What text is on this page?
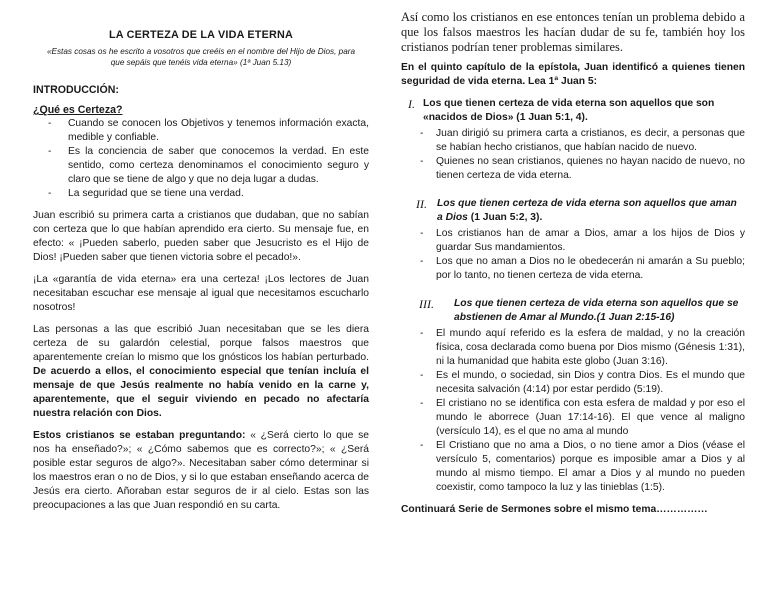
LA CERTEZA DE LA VIDA ETERNA
«Estas cosas os he escrito a vosotros que creéis en el nombre del Hijo de Dios, para
que sepáis que tenéis vida eterna» (1ª Juan 5.13)
INTRODUCCIÓN:
¿Qué es Certeza?
- Cuando se conocen los Objetivos y tenemos información exacta, medible y confiable.
- Es la conciencia de saber que conocemos la verdad. En este sentido, como certeza denominamos el conocimiento seguro y claro que se tiene de algo y que no deja lugar a dudas.
- La seguridad que se tiene una verdad.

Juan escribió su primera carta a cristianos que dudaban, que no sabían con certeza que lo que habían aprendido era cierto. Su mensaje fue, en efecto: « ¡Pueden saberlo, pueden saber que Jesucristo es el Hijo de Dios! ¡Pueden saber que tienen victoria sobre el pecado!».

¡La «garantía de vida eterna» era una certeza! ¡Los lectores de Juan necesitaban escuchar ese mensaje al igual que necesitamos escucharlo nosotros!

Las personas a las que escribió Juan necesitaban que se les diera certeza de su galardón celestial, porque falsos maestros que aparentemente creían lo mismo que los gnósticos los habían perturbado. De acuerdo a ellos, el conocimiento especial que tenían incluía el mensaje de que Jesús realmente no había venido en la carne y, aparentemente, que el seguir viviendo en pecado no afectaría nuestra relación con Dios.

Estos cristianos se estaban preguntando: « ¿Será cierto lo que se nos ha enseñado?»; « ¿Cómo sabemos que es correcto?»; « ¿Será posible estar seguros de algo?». Necesitaban saber cómo determinar si los maestros eran o no de Dios, y si lo que estaban enseñando acerca de Jesús era cierto. Añoraban estar seguros de ir al cielo. Estas son las preocupaciones a las que Juan respondió en su carta.

Así como los cristianos en ese entonces tenían un problema debido a que los falsos maestros les hacían dudar de su fe, también hoy los cristianos podrían tener problemas similares.

En el quinto capítulo de la epístola, Juan identificó a quienes tienen seguridad de vida eterna. Lea 1ª Juan 5:

I. Los que tienen certeza de vida eterna son aquellos que son «nacidos de Dios» (1 Juan 5:1, 4).
- Juan dirigió su primera carta a cristianos, es decir, a personas que se habían hecho cristianos, que habían nacido de nuevo.
- Quienes no sean cristianos, quienes no hayan nacido de nuevo, no tienen certeza de vida eterna.
II. Los que tienen certeza de vida eterna son aquellos que aman a Dios (1 Juan 5:2, 3).
- Los cristianos han de amar a Dios, amar a los hijos de Dios y guardar Sus mandamientos.
- Los que no aman a Dios no le obedecerán ni amarán a Su pueblo; por lo tanto, no tienen certeza de vida eterna.
III.	Los que tienen certeza de vida eterna son aquellos que se abstienen de Amar al Mundo.(1 Juan 2:15-16)
- El mundo aquí referido es la esfera de maldad, y no la creación física, cosa declarada como buena por Dios mismo (Génesis 1:31), ni la humanidad que habita este globo (Juan 3:16).
- Es el mundo, o sociedad, sin Dios y contra Dios. Es el mundo que necesita salvación (4:14) por estar perdido (5:19).
- El cristiano no se identifica con esta esfera de maldad y por eso el mundo le aborrece (Juan 17:14-16). El que vence al maligno (versículo 14), es el que no ama al mundo
- El Cristiano que no ama a Dios, o no tiene amor a Dios (véase el versículo 5, comentarios) porque es imposible amar a Dios y al mundo al mismo tiempo. El amar a Dios y al mundo no pueden coexistir, como tampoco la luz y las tinieblas (1:5).
Continuará Serie de Sermones sobre el mismo tema……………
